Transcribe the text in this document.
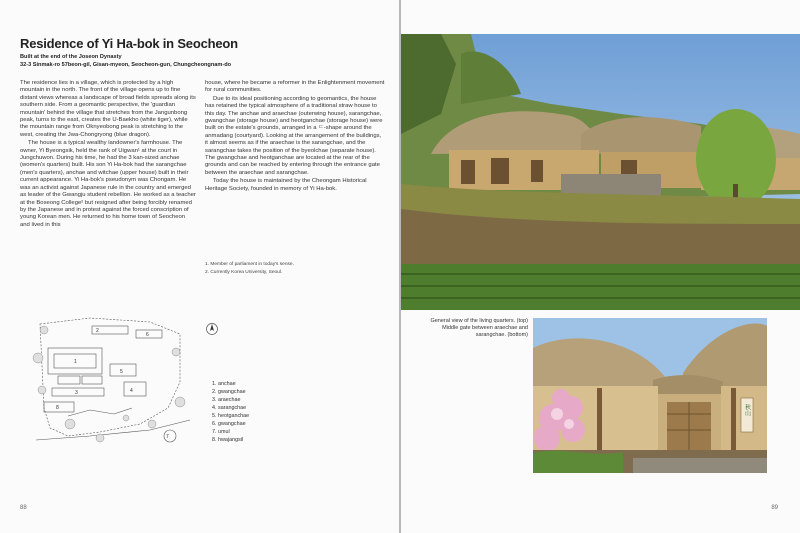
Residence of Yi Ha-bok in Seocheon
Built at the end of the Joseon Dynasty
32-3 Sinmak-ro 57beon-gil, Gisan-myeon, Seocheon-gun, Chungcheongnam-do

The residence lies in a village, which is protected by a high mountain in the north. The front of the village opens up to fine distant views whereas a landscape of broad fields spreads along its southern side. From a geomantic perspective, the 'guardian mountain' behind the village that stretches from the Jangunbong peak, turns to the east, creates the U-Baekho (white tiger), while the mountain range from Oknyeobong peak is stretching to the west, creating the Jwa-Chongryong (blue dragon).

The house is a typical wealthy landowner's farmhouse. The owner, Yi Byeongsik, held the rank of Uigwan¹ at the court in Jungchuwon. During his time, he had the 3 kan-sized anchae (women's quarters) built. His son Yi Ha-bok had the sarangchae (men's quarters), anchae and witchae (upper house) built in their current appearance. Yi Ha-bok's pseudonym was Chongam. He was an activist against Japanese rule in the country and emerged as leader of the Gwangju student rebellion. He worked as a teacher at the Boseong College² but resigned after being forcibly renamed by the Japanese and in protest against the forced conscription of young Korean men. He returned to his home town of Seocheon and lived in this

house, where he became a reformer in the Enlightenment movement for rural communities.

Due to its ideal positioning according to geomantics, the house has retained the typical atmosphere of a traditional straw house to this day. The anchae and araechae (outerwing house), sarangchae, gwangchae (storage house) and heotganchae (storage house) were built on the estate's grounds, arranged in a ㄷ-shape around the anmadang (courtyard). Looking at the arrangement of the buildings, it almost seems as if the araechae is the sarangchae, and the sarangchae takes the position of the byeolchae (separate house). The gwangchae and heotganchae are located at the rear of the grounds and can be reached by entering through the entrance gate between the araechae and sarangchae.

Today the house is maintained by the Cheongam Historical Heritage Society, founded in memory of Yi Ha-bok.

1. Member of parliament in today's sense.
2. Currently Korea University, Seoul.
1
2
3	4
5
6
7
8
1. anchae
2. gwangchae
3. araechae
4. sarangchae
5. heotganchae
6. gwangchae
7. umul
8. hwajangsil
88	89
General view of the living quarters. (top)
Middle gate between araechae and
sarangchae. (bottom)
秋山
